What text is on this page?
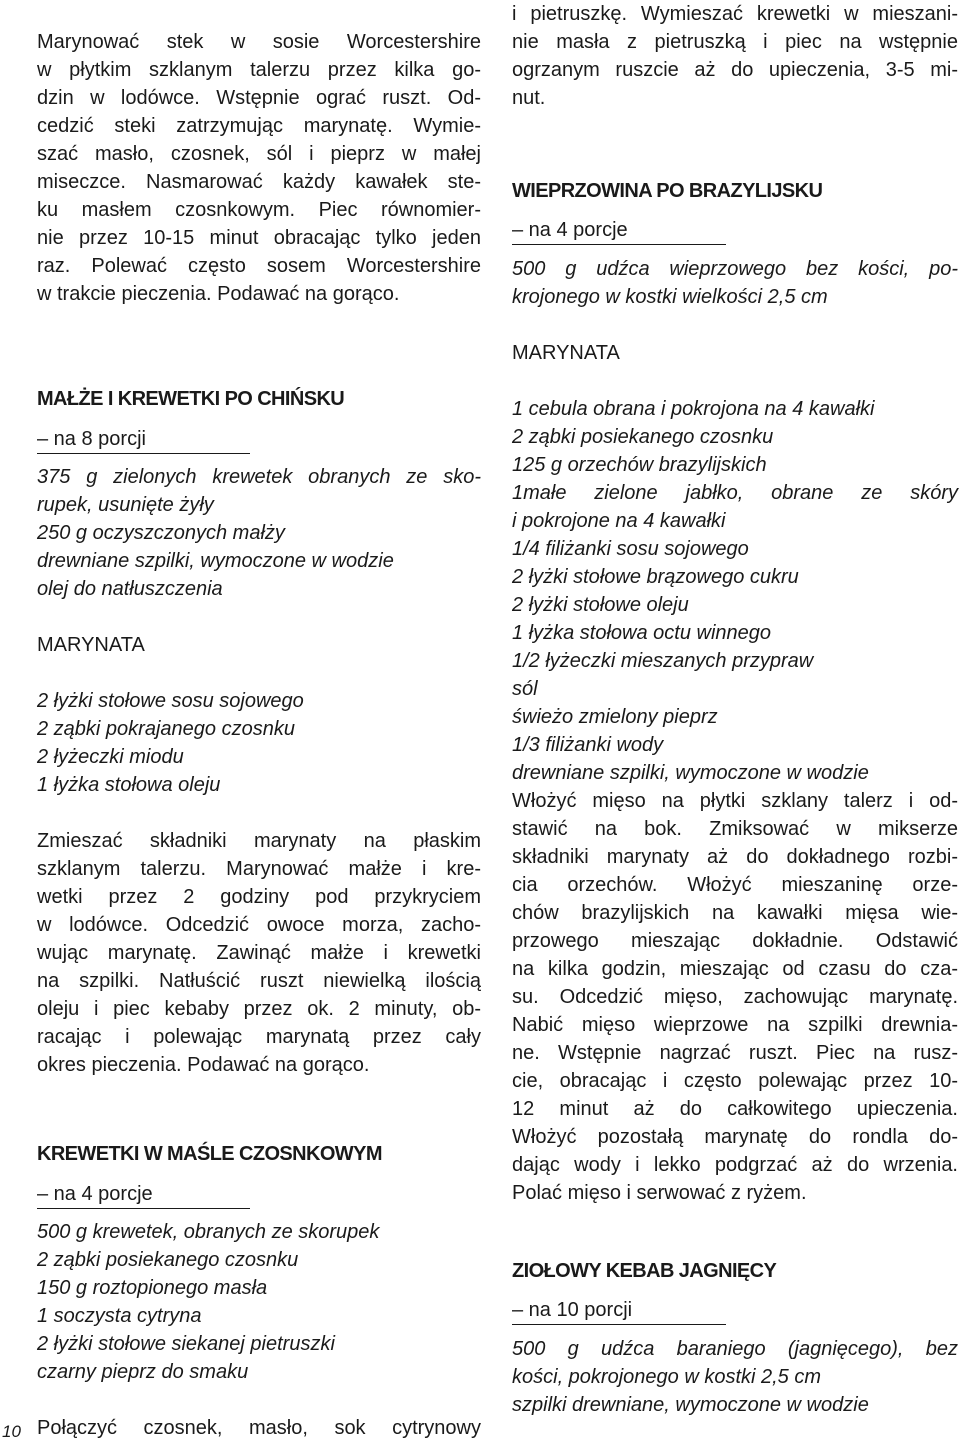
Marynować stek w sosie Worcestershire
w płytkim szklanym talerzu przez kilka go-
dzin w lodówce. Wstępnie ograć ruszt. Od-
cedzić steki zatrzymując marynatę. Wymie-
szać masło, czosnek, sól i pieprz w małej
miseczce. Nasmarować każdy kawałek ste-
ku masłem czosnkowym. Piec równomier-
nie przez 10-15 minut obracając tylko jeden
raz. Polewać często sosem Worcestershire
w trakcie pieczenia. Podawać na gorąco.
MAŁŻE I KREWETKI PO CHIŃSKU
– na 8 porcji
375 g zielonych krewetek obranych ze sko-
rupek, usunięte żyły
250 g oczyszczonych małży
drewniane szpilki, wymoczone w wodzie
olej do natłuszczenia
MARYNATA
2 łyżki stołowe sosu sojowego
2 ząbki pokrajanego czosnku
2 łyżeczki miodu
1 łyżka stołowa oleju
Zmieszać składniki marynaty na płaskim
szklanym talerzu. Marynować małże i kre-
wetki przez 2 godziny pod przykryciem
w lodówce. Odcedzić owoce morza, zacho-
wując marynatę. Zawinąć małże i krewetki
na szpilki. Natłuścić ruszt niewielką ilością
oleju i piec kebaby przez ok. 2 minuty, ob-
racając i polewając marynatą przez cały
okres pieczenia. Podawać na gorąco.
KREWETKI W MAŚLE CZOSNKOWYM
– na 4 porcje
500 g krewetek, obranych ze skorupek
2 ząbki posiekanego czosnku
150 g roztopionego masła
1 soczysta cytryna
2 łyżki stołowe siekanej pietruszki
czarny pieprz do smaku
Połączyć czosnek, masło, sok cytrynowy
10
i pietruszkę. Wymieszać krewetki w mieszani-
nie masła z pietruszką i piec na wstępnie
ogrzanym ruszcie aż do upieczenia, 3-5 mi-
nut.
WIEPRZOWINA PO BRAZYLIJSKU
– na 4 porcje
500 g udźca wieprzowego bez kości, po-
krojonego w kostki wielkości 2,5 cm
MARYNATA
1 cebula obrana i pokrojona na 4 kawałki
2 ząbki posiekanego czosnku
125 g orzechów brazylijskich
1małe zielone jabłko, obrane ze skóry
i pokrojone na 4 kawałki
1/4 filiżanki sosu sojowego
2 łyżki stołowe brązowego cukru
2 łyżki stołowe oleju
1 łyżka stołowa octu winnego
1/2 łyżeczki mieszanych przypraw
sól
świeżo zmielony pieprz
1/3 filiżanki wody
drewniane szpilki, wymoczone w wodzie
Włożyć mięso na płytki szklany talerz i od-
stawić na bok. Zmiksować w mikserze
składniki marynaty aż do dokładnego rozbi-
cia orzechów. Włożyć mieszaninę orze-
chów brazylijskich na kawałki mięsa wie-
przowego mieszając dokładnie. Odstawić
na kilka godzin, mieszając od czasu do cza-
su. Odcedzić mięso, zachowując marynatę.
Nabić mięso wieprzowe na szpilki drewnia-
ne. Wstępnie nagrzać ruszt. Piec na rusz-
cie, obracając i często polewając przez 10-
12 minut aż do całkowitego upieczenia.
Włożyć pozostałą marynatę do rondla do-
dając wody i lekko podgrzać aż do wrzenia.
Polać mięso i serwować z ryżem.
ZIOŁOWY KEBAB JAGNIĘCY
– na 10 porcji
500 g udźca baraniego (jagnięcego), bez
kości, pokrojonego w kostki 2,5 cm
szpilki drewniane, wymoczone w wodzie
